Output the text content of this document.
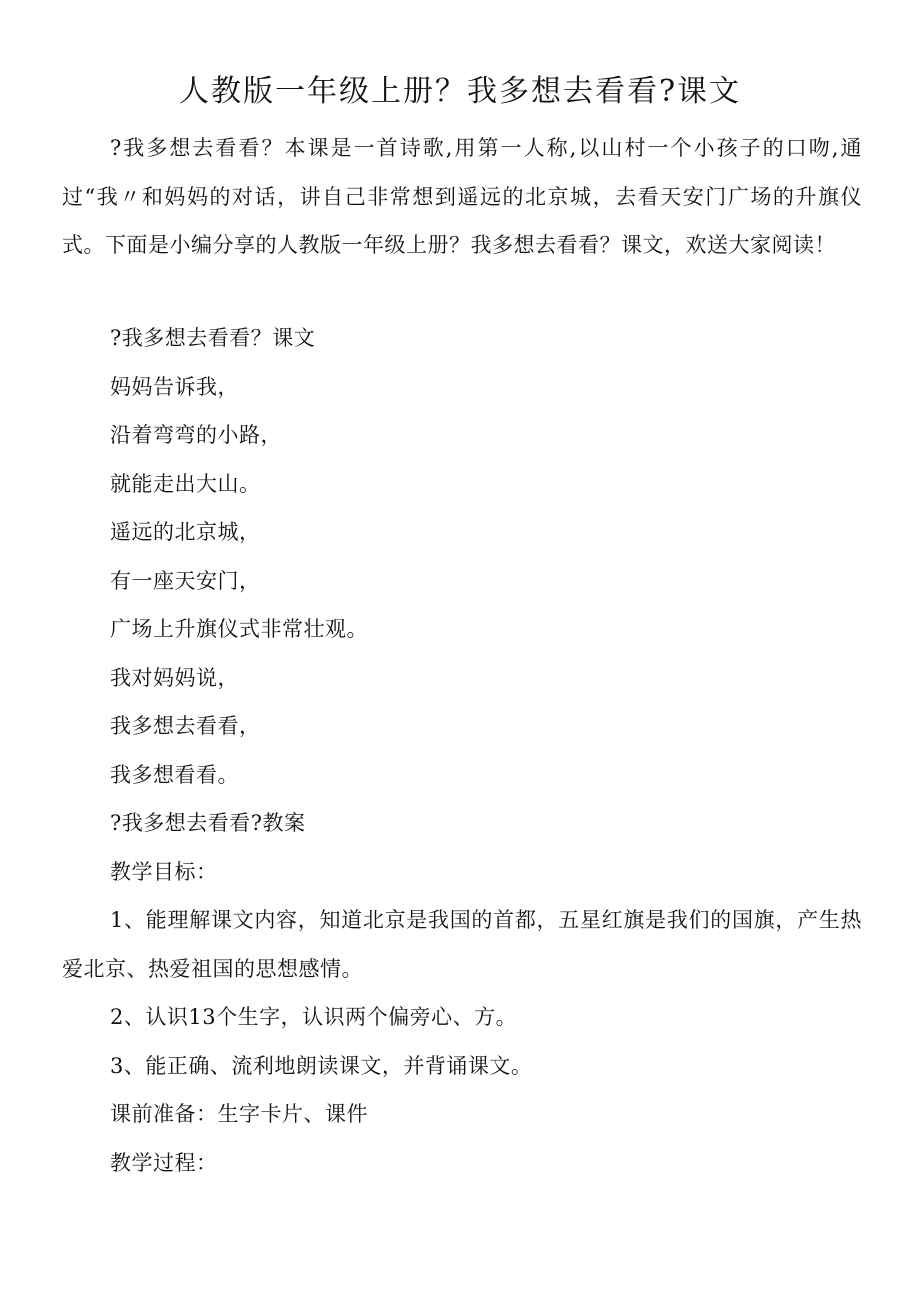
人教版一年级上册？我多想去看看?课文

?我多想去看看？本课是一首诗歌,用第一人称,以山村一个小孩子的口吻,通过“我〃和妈妈的对话，讲自己非常想到遥远的北京城，去看天安门广场的升旗仪式。下面是小编分享的人教版一年级上册？我多想去看看？课文，欢送大家阅读！

?我多想去看看？课文

妈妈告诉我，

沿着弯弯的小路，

就能走出大山。

遥远的北京城，

有一座天安门，

广场上升旗仪式非常壮观。

我对妈妈说，

我多想去看看，

我多想看看。

?我多想去看看?教案

教学目标：

1、能理解课文内容，知道北京是我国的首都，五星红旗是我们的国旗，产生热爱北京、热爱祖国的思想感情。

2、认识13个生字，认识两个偏旁心、方。

3、能正确、流利地朗读课文，并背诵课文。

课前准备：生字卡片、课件

教学过程：
